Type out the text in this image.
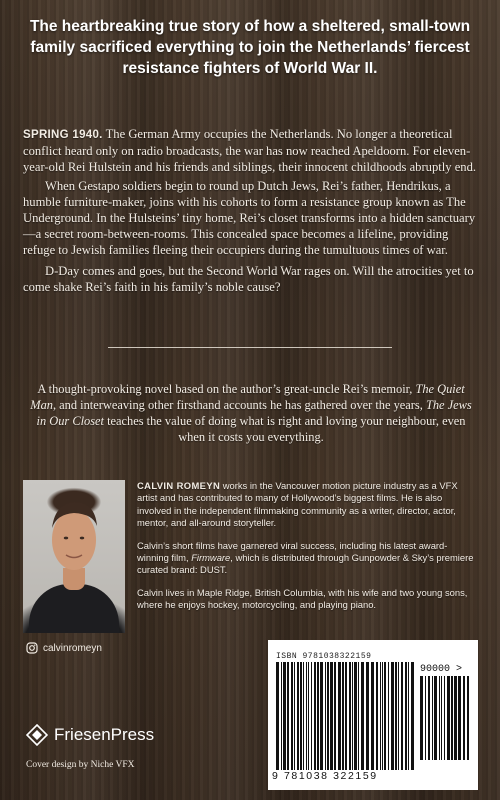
The heartbreaking true story of how a sheltered, small-town family sacrificed everything to join the Netherlands’ fiercest resistance fighters of World War II.

SPRING 1940. The German Army occupies the Netherlands. No longer a theoretical conflict heard only on radio broadcasts, the war has now reached Apeldoorn. For eleven-year-old Rei Hulstein and his friends and siblings, their innocent childhoods abruptly end.

When Gestapo soldiers begin to round up Dutch Jews, Rei’s father, Hendrikus, a humble furniture-maker, joins with his cohorts to form a resistance group known as The Underground. In the Hulsteins’ tiny home, Rei’s closet transforms into a hidden sanctuary—a secret room-between-rooms. This concealed space becomes a lifeline, providing refuge to Jewish families fleeing their occupiers during the tumultuous times of war.

D-Day comes and goes, but the Second World War rages on. Will the atrocities yet to come shake Rei’s faith in his family’s noble cause?

A thought-provoking novel based on the author’s great-uncle Rei’s memoir, The Quiet Man, and interweaving other firsthand accounts he has gathered over the years, The Jews in Our Closet teaches the value of doing what is right and loving your neighbour, even when it costs you everything.
calvinromeyn

CALVIN ROMEYN works in the Vancouver motion picture industry as a VFX artist and has contributed to many of Hollywood’s biggest films. He is also involved in the independent filmmaking community as a writer, director, actor, mentor, and all-around storyteller.

Calvin’s short films have garnered viral success, including his latest award-winning film, Firmware, which is distributed through Gunpowder & Sky’s premiere curated brand: DUST.

Calvin lives in Maple Ridge, British Columbia, with his wife and two young sons, where he enjoys hockey, motorcycling, and playing piano.

ISBN 9781038322159
90000 >
9 781038 322159
FriesenPress
Cover design by Niche VFX
